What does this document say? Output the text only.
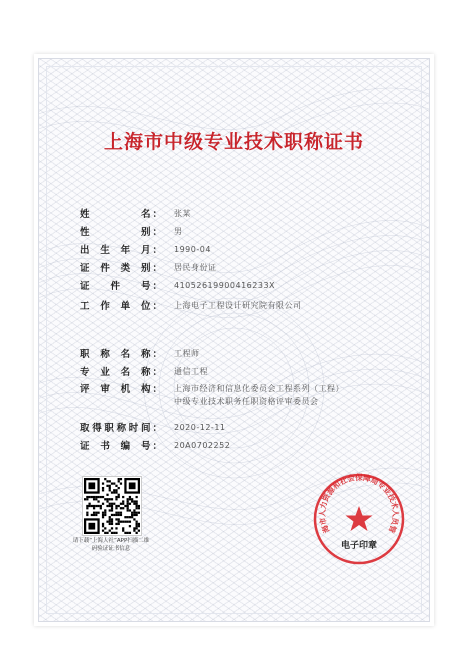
上海市中级专业技术职称证书
姓	名 ： 张某
性	别 ： 男
出 生 年 月 ： 1990-04
证 件 类 别 ： 居民身份证
证 件 号 ： 41052619900416233X
工 作 单 位 ： 上海电子工程设计研究院有限公司
职 称 名 称 ： 工程师
专 业 名 称 ： 通信工程
评 审 机 构 ： 上海市经济和信息化委员会工程系列（工程）中级专业技术职务任职资格评审委员会
取 得 职 称 时 间 ： 2020-12-11
证 书 编 号 ： 20A0702252
请下载“上海人社”APP扫描二维码验证证书信息
海市人力资源和社会保障局专业技术人员管
电子印章
